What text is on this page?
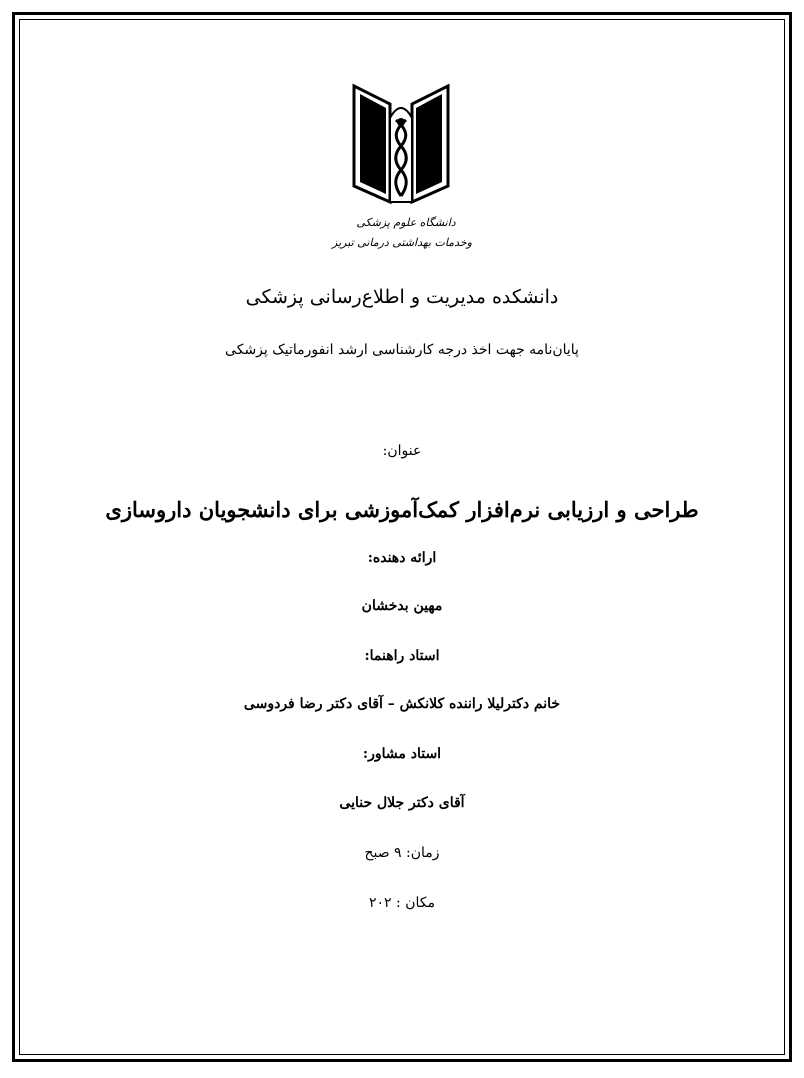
دانشگاه علوم پزشکی
وخدمات بهداشتی درمانی تبریز
دانشکده مدیریت و اطلاع‌رسانی پزشکی
پایان‌نامه جهت اخذ درجه کارشناسی ارشد انفورماتیک پزشکی
عنوان:
طراحی و ارزیابی نرم‌افزار کمک‌آموزشی برای دانشجویان داروسازی
ارائه دهنده:
مهین بدخشان
استاد راهنما:
خانم دکترلیلا راننده کلانکش – آقای دکتر رضا فردوسی
استاد مشاور:
آقای دکتر جلال حنایی
زمان: ۹ صبح
مکان : ۲۰۲
